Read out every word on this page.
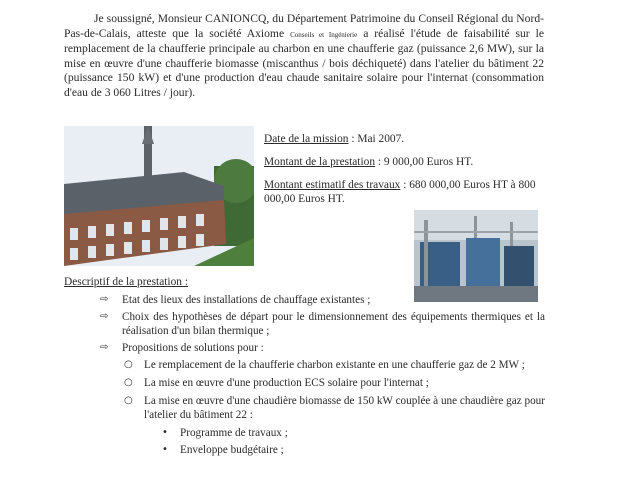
Je soussigné, Monsieur CANIONCQ, du Département Patrimoine du Conseil Régional du Nord-Pas-de-Calais, atteste que la société Axiome Conseils et Ingénierie a réalisé l'étude de faisabilité sur le remplacement de la chaufferie principale au charbon en une chaufferie gaz (puissance 2,6 MW), sur la mise en œuvre d'une chaufferie biomasse (miscanthus / bois déchiqueté) dans l'atelier du bâtiment 22 (puissance 150 kW) et d'une production d'eau chaude sanitaire solaire pour l'internat (consommation d'eau de 3 060 Litres / jour).
Date de la mission : Mai 2007.
Montant de la prestation : 9 000,00 Euros HT.
Montant estimatif des travaux : 680 000,00 Euros HT à 800 000,00 Euros HT.
Descriptif de la prestation :
⇨ Etat des lieux des installations de chauffage existantes ;
⇨ Choix des hypothèses de départ pour le dimensionnement des équipements thermiques et la réalisation d'un bilan thermique ;
⇨ Propositions de solutions pour :
○ Le remplacement de la chaufferie charbon existante en une chaufferie gaz de 2 MW ;
○ La mise en œuvre d'une production ECS solaire pour l'internat ;
○ La mise en œuvre d'une chaudière biomasse de 150 kW couplée à une chaudière gaz pour l'atelier du bâtiment 22 :
• Programme de travaux ;
• Enveloppe budgétaire ;
